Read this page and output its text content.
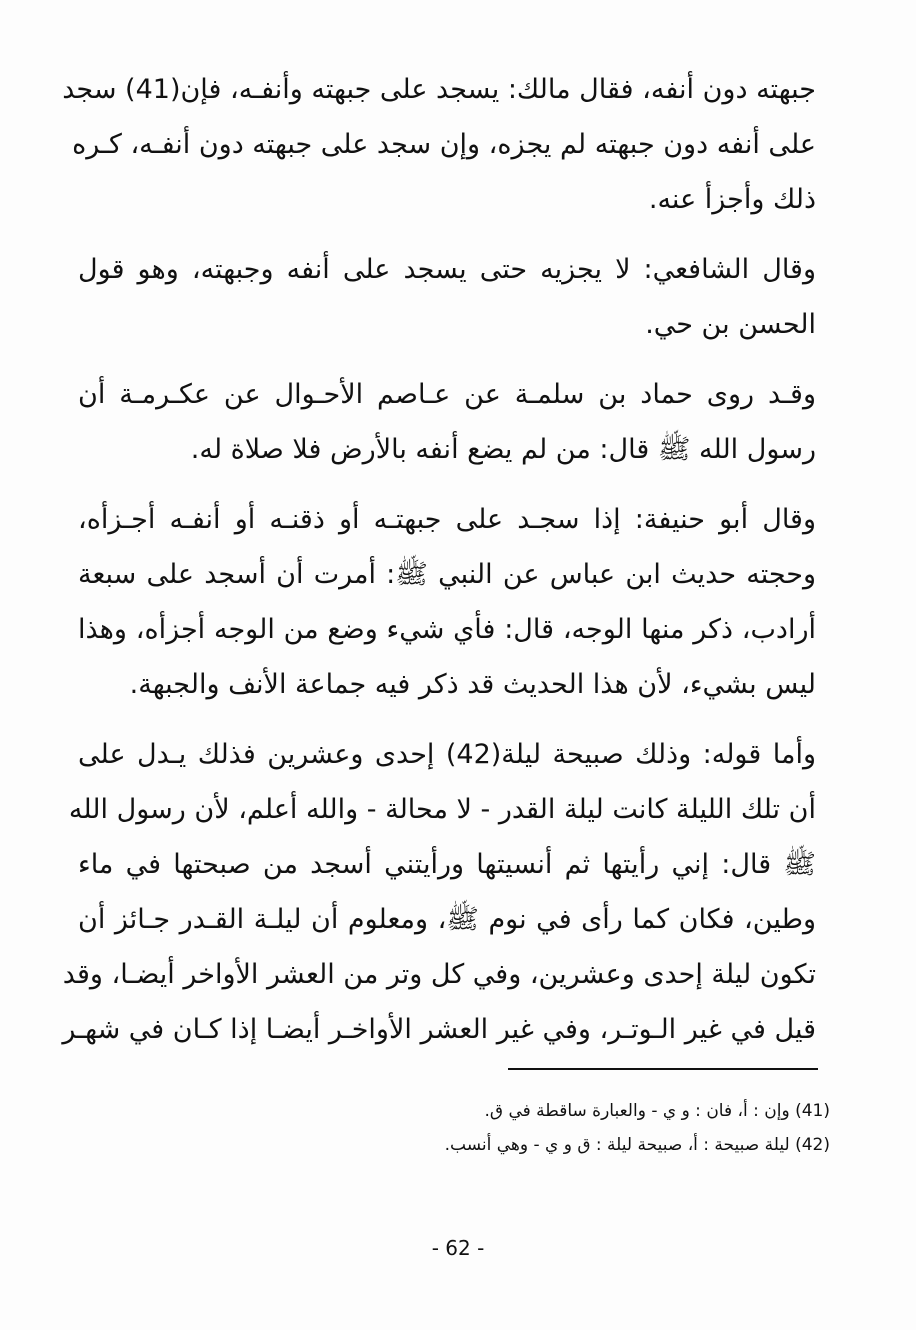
جبهته دون أنفه، فقال مالك: يسجد على جبهته وأنفـه، فإن(41) سجد
على أنفه دون جبهته لم يجزه، وإن سجد على جبهته دون أنفـه، كـره
ذلك وأجزأ عنه.

وقال الشافعي: لا يجزيه حتى يسجد على أنفه وجبهته، وهو قول
الحسن بن حي.

وقـد روى حماد بن سلمـة عن عـاصم الأحـوال عن عكـرمـة أن
رسول الله ﷺ قال: من لم يضع أنفه بالأرض فلا صلاة له.

وقال أبو حنيفة: إذا سجـد على جبهتـه أو ذقنـه أو أنفـه أجـزأه،
وحجته حديث ابن عباس عن النبي ﷺ: أمرت أن أسجد على سبعة
أرادب، ذكر منها الوجه، قال: فأي شيء وضع من الوجه أجزأه، وهذا
ليس بشيء، لأن هذا الحديث قد ذكر فيه جماعة الأنف والجبهة.

وأما قوله: وذلك صبيحة ليلة(42) إحدى وعشرين فذلك يـدل على
أن تلك الليلة كانت ليلة القدر - لا محالة - والله أعلم، لأن رسول الله
ﷺ قال: إني رأيتها ثم أنسيتها ورأيتني أسجد من صبحتها في ماء
وطين، فكان كما رأى في نوم ﷺ، ومعلوم أن ليلـة القـدر جـائز أن
تكون ليلة إحدى وعشرين، وفي كل وتر من العشر الأواخر أيضـا، وقد
قيل في غير الـوتـر، وفي غير العشر الأواخـر أيضـا إذا كـان في شهـر

(41) وإن : أ، فان : و ي - والعبارة ساقطة في ق.
(42) ليلة صبيحة : أ، صبيحة ليلة : ق و ي - وهي أنسب.
- 62 -
